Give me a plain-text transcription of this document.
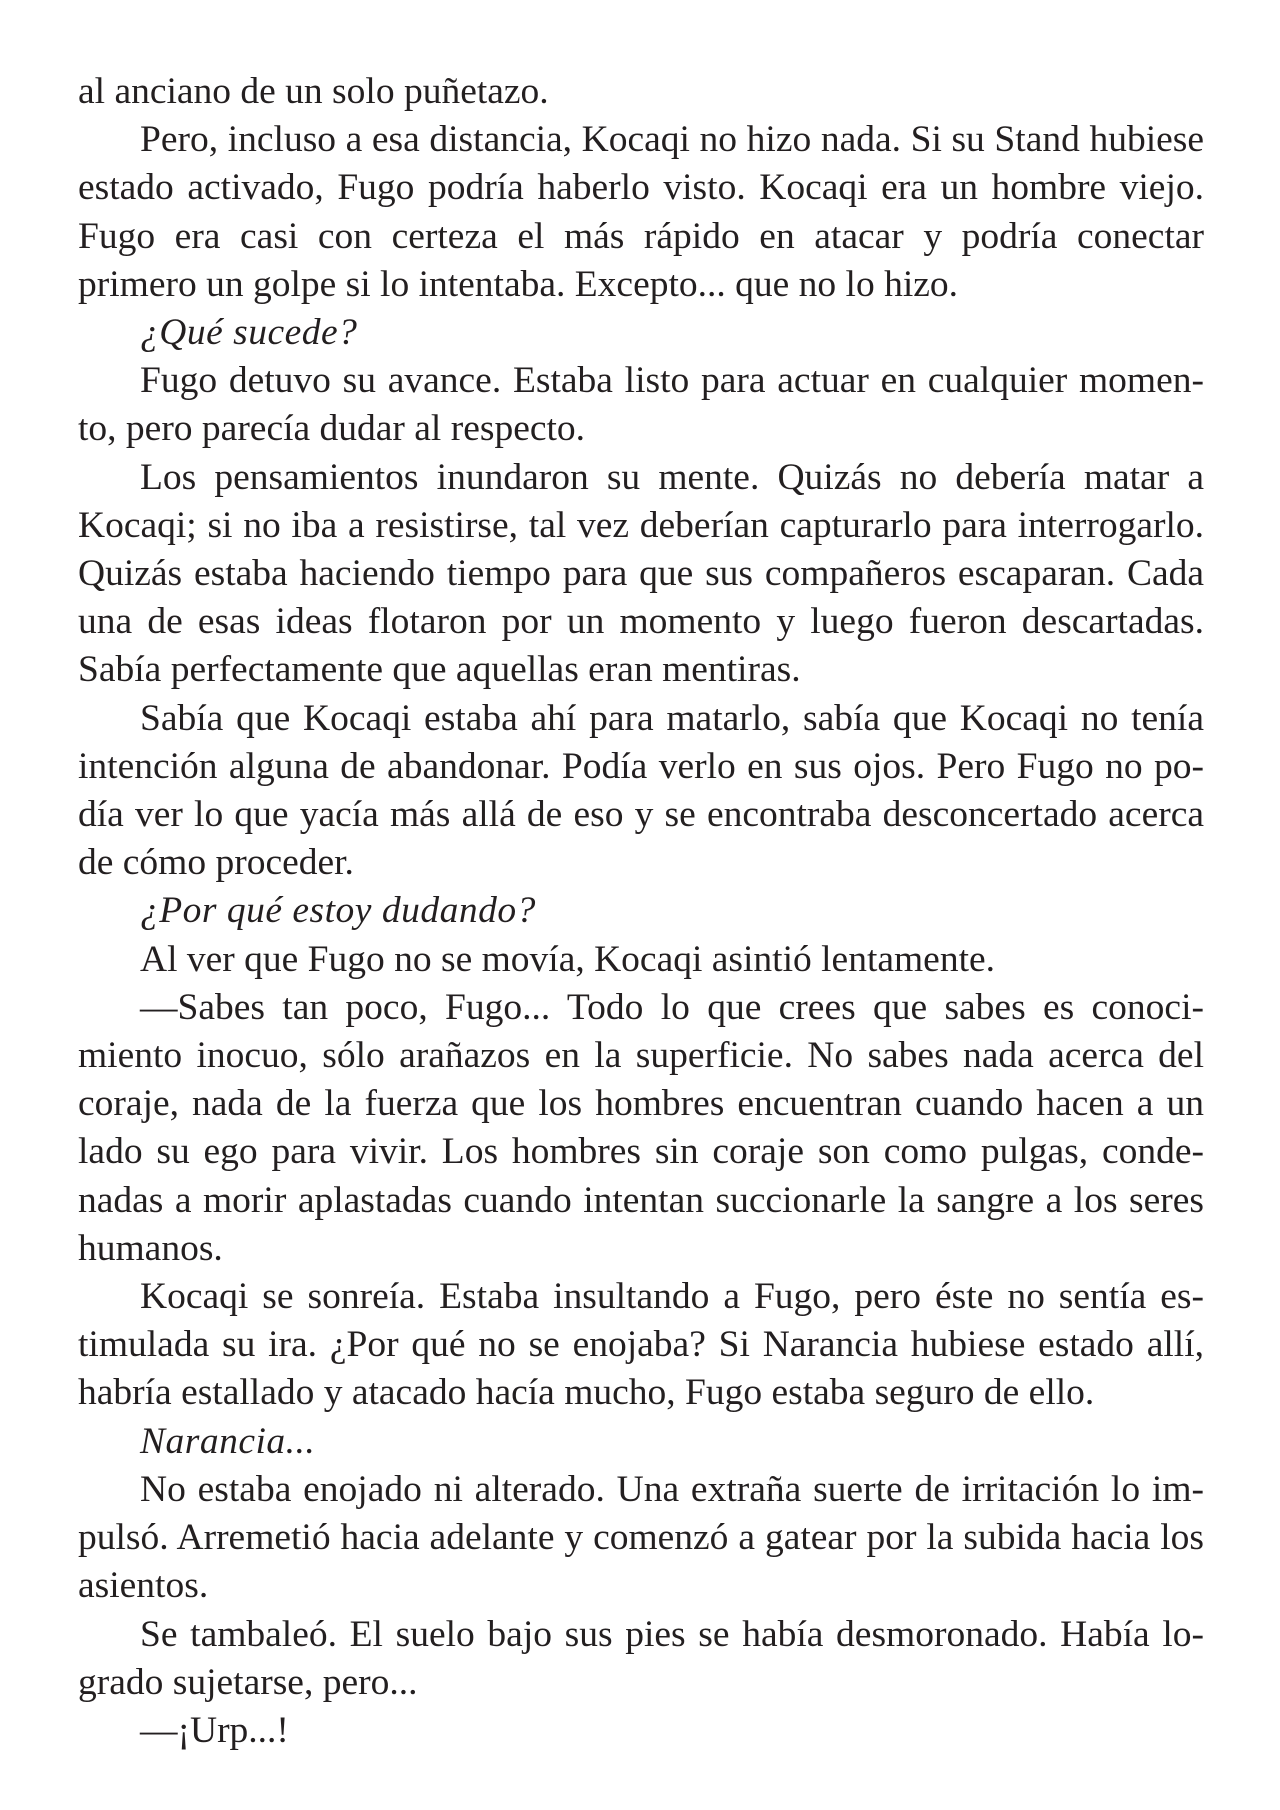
al anciano de un solo puñetazo.

Pero, incluso a esa distancia, Kocaqi no hizo nada. Si su Stand hubiese estado activado, Fugo podría haberlo visto. Kocaqi era un hombre viejo. Fugo era casi con certeza el más rápido en atacar y podría conectar primero un golpe si lo intentaba. Excepto... que no lo hizo.

¿Qué sucede?

Fugo detuvo su avance. Estaba listo para actuar en cualquier momento, pero parecía dudar al respecto.

Los pensamientos inundaron su mente. Quizás no debería matar a Kocaqi; si no iba a resistirse, tal vez deberían capturarlo para interrogarlo. Quizás estaba haciendo tiempo para que sus compañeros escaparan. Cada una de esas ideas flotaron por un momento y luego fueron descartadas. Sabía perfectamente que aquellas eran mentiras.

Sabía que Kocaqi estaba ahí para matarlo, sabía que Kocaqi no tenía intención alguna de abandonar. Podía verlo en sus ojos. Pero Fugo no podía ver lo que yacía más allá de eso y se encontraba desconcertado acerca de cómo proceder.

¿Por qué estoy dudando?

Al ver que Fugo no se movía, Kocaqi asintió lentamente.

—Sabes tan poco, Fugo... Todo lo que crees que sabes es conocimiento inocuo, sólo arañazos en la superficie. No sabes nada acerca del coraje, nada de la fuerza que los hombres encuentran cuando hacen a un lado su ego para vivir. Los hombres sin coraje son como pulgas, condenadas a morir aplastadas cuando intentan succionarle la sangre a los seres humanos.

Kocaqi se sonreía. Estaba insultando a Fugo, pero éste no sentía estimulada su ira. ¿Por qué no se enojaba? Si Narancia hubiese estado allí, habría estallado y atacado hacía mucho, Fugo estaba seguro de ello.

Narancia...

No estaba enojado ni alterado. Una extraña suerte de irritación lo impulsó. Arremetió hacia adelante y comenzó a gatear por la subida hacia los asientos.

Se tambaleó. El suelo bajo sus pies se había desmoronado. Había logrado sujetarse, pero...

—¡Urp...!
